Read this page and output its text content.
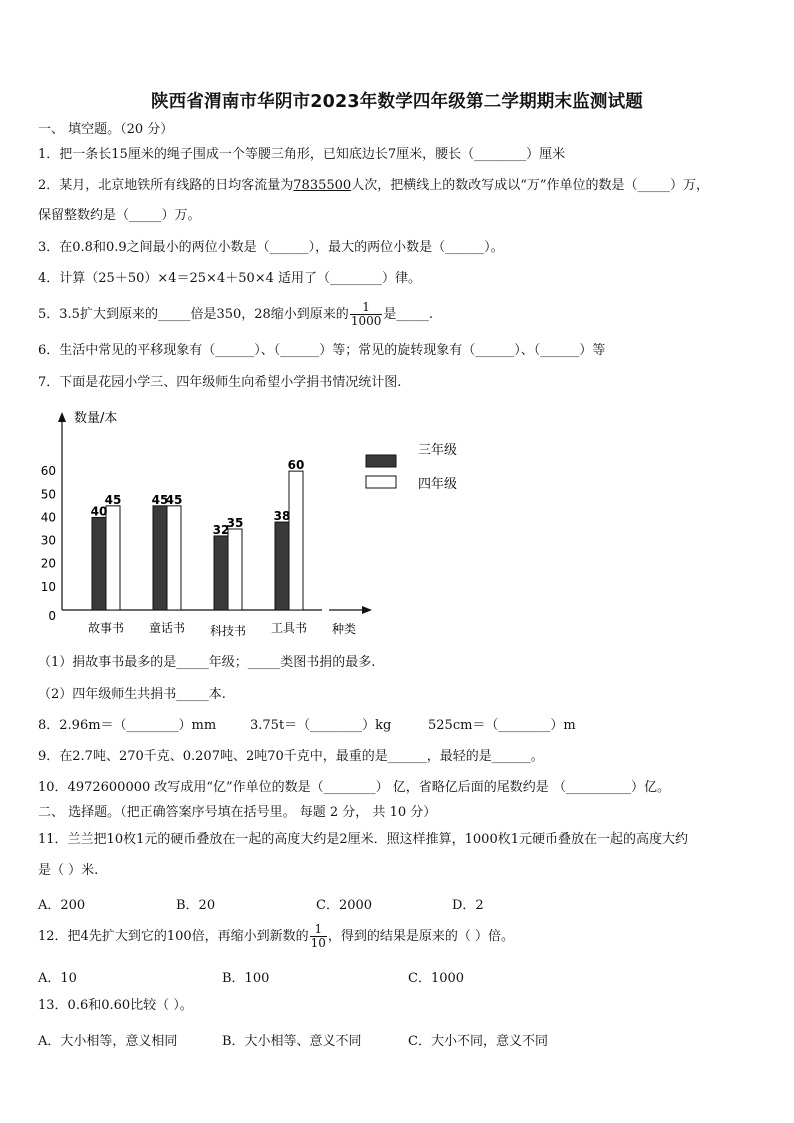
陕西省渭南市华阴市2023年数学四年级第二学期期末监测试题
一、 填空题。（20 分）
1．把一条长15厘米的绳子围成一个等腰三角形，已知底边长7厘米，腰长（________）厘米
2．某月，北京地铁所有线路的日均客流量为7835500人次，把横线上的数改写成以“万”作单位的数是（_____）万，
保留整数约是（_____）万。
3．在0.8和0.9之间最小的两位小数是（______），最大的两位小数是（______）。
4．计算（25＋50）×4＝25×4＋50×4 适用了（________）律。
5．3.5扩大到原来的_____倍是350，28缩小到原来的 $\frac{1}{1000}$ 是_____.
6．生活中常见的平移现象有（______）、（______）等；常见的旋转现象有（______）、（______）等
7．下面是花园小学三、四年级师生向希望小学捐书情况统计图.
数量/本
种类
0
10
20
30
40
50
60
40
45	45
45
32
35	38
60
故事书 童话书 科技书 工具书
三年级
四年级
（1）捐故事书最多的是_____年级；_____类图书捐的最多.
（2）四年级师生共捐书_____本.
8．2.96m＝（________）mm	3.75t＝（________）kg	525cm＝（________）m
9．在2.7吨、270千克、0.207吨、2吨70千克中，最重的是______，最轻的是______。
10．4972600000 改写成用“亿”作单位的数是（________） 亿，省略亿后面的尾数约是 （__________）亿。
二、 选择题。（把正确答案序号填在括号里。 每题 2 分， 共 10 分）
11．兰兰把10枚1元的硬币叠放在一起的高度大约是2厘米．照这样推算，1000枚1元硬币叠放在一起的高度大约
是（ ）米.
A．200	B．20	C．2000	D．2
12．把4先扩大到它的100倍，再缩小到新数的 $\frac{1}{10}$ ，得到的结果是原来的（ ）倍。
A．10	B．100	C．1000
13．0.6和0.60比较（ ）。
A．大小相等，意义相同	B．大小相等、意义不同	C．大小不同，意义不同
